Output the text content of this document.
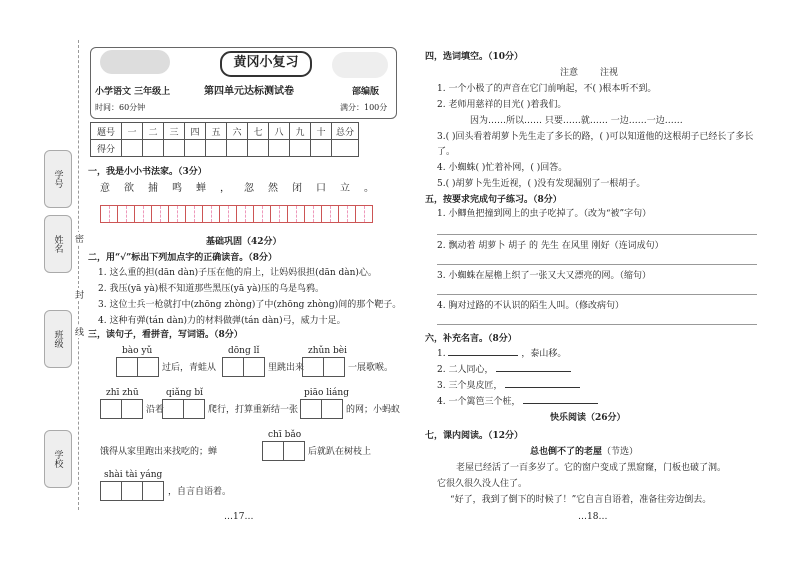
学号
姓名
班级
学校
密
封
线
黄冈小复习
小学语文 三年级上	第四单元达标测试卷	部编版
时间：60分钟	满分：100分
题号	一	二	三	四	五	六	七	八	九	十	总分
得分											
一，我是小小书法家。（3分）
意	欲	捕	鸣	蝉	，	忽	然	闭	口	立	。
基础巩固（42分）
二，用“√”标出下列加点字的正确读音。（8分）
1. 这么重的担(dān dàn)子压在他的肩上，让妈妈很担(dān dàn)心。
2. 我压(yā yà)根不知道那些黑压(yā yà)压的乌是鸟鸦。
3. 这位士兵一枪就打中(zhōng zhòng)了中(zhōng zhòng)间的那个靶子。
4. 这种有弹(tán dàn)力的材料做弹(tán dàn)弓，威力十足。
三，读句子，看拼音，写词语。（8分）
bào yǔ
过后，青蛙从
dōng lǐ
里跳出来
zhǔn bèi
一展歌喉。
zhī zhū
沿着
qiǎng bǐ
爬行，打算重新结一张
piāo liáng
的网；小蚂蚁
chī bǎo
饿得从家里跑出来找吃的；蝉	后就趴在树枝上
shài tài yáng
，自言自语着。
…17…
四，选词填空。（10分）
注意 注视
1. 一个小极了的声音在它门前响起，不( )根本听不到。
2. 老师用慈祥的目光( )着我们。
因为……所以…… 只要……就…… 一边……一边……
3.( )回头看着胡萝卜先生走了多长的路，( )可以知道他的这根胡子已经长了多长了。
4. 小蜘蛛( )忙着补网，( )回答。
5.( )胡萝卜先生近视，( )没有发现漏别了一根胡子。
五，按要求完成句子练习。（8分）
1. 小鲫鱼把撞到网上的虫子吃掉了。（改为“被”字句）
2. 飘动着 胡萝卜 胡子 的 先生 在风里 刚好（连词成句）
3. 小蜘蛛在屋檐上织了一张又大又漂亮的网。（缩句）
4. 胸对过路的不认识的陌生人叫。（修改病句）
六，补充名言。（8分）
1.	，泰山移。
2. 二人同心，
3. 三个臭皮匠，
4. 一个篱笆三个桩，
快乐阅读（26分）
七，课内阅读。（12分）
总也倒不了的老屋（节选）
老屋已经活了一百多岁了。它的窗户变成了黑窟窿，门板也破了洞。
它很久很久没人住了。
“好了，我到了倒下的时候了！”它自言自语着，准备往旁边倒去。
…18…
